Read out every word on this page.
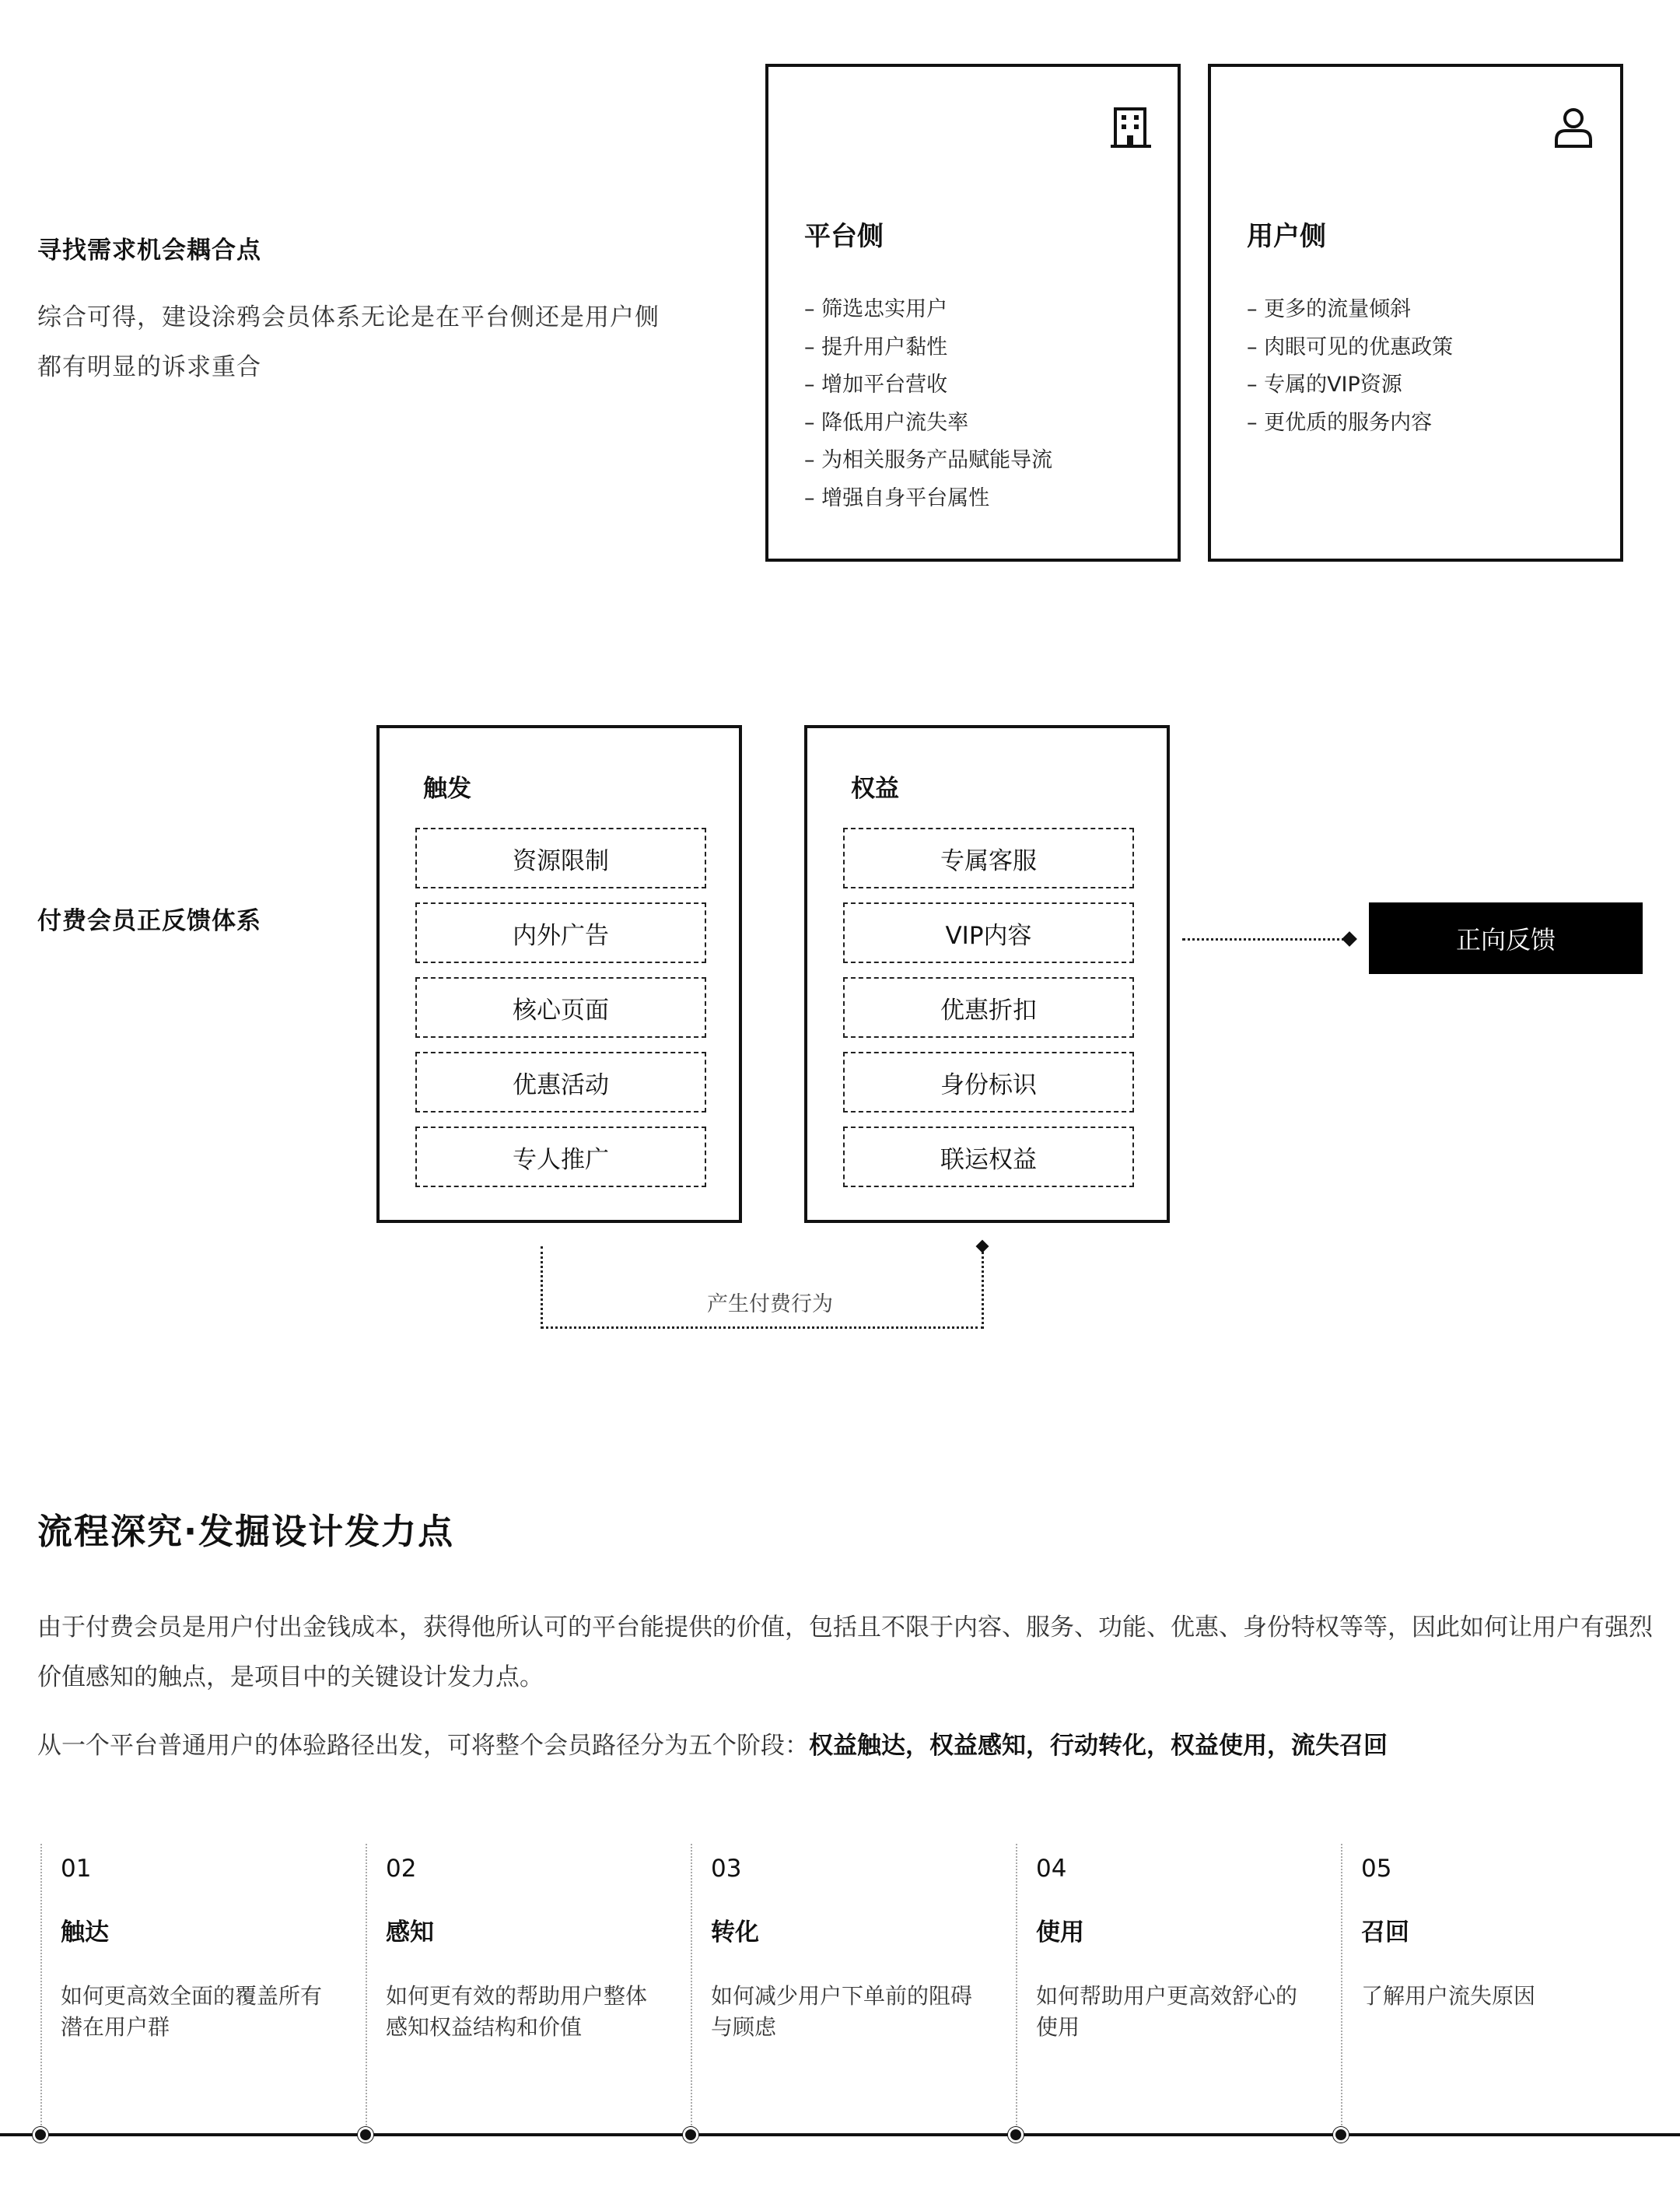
寻找需求机会耦合点
综合可得，建设涂鸦会员体系无论是在平台侧还是用户侧都有明显的诉求重合
平台侧
– 筛选忠实用户
– 提升用户黏性
– 增加平台营收
– 降低用户流失率
– 为相关服务产品赋能导流
– 增强自身平台属性
用户侧
– 更多的流量倾斜
– 肉眼可见的优惠政策
– 专属的VIP资源
– 更优质的服务内容
付费会员正反馈体系
触发
资源限制
内外广告
核心页面
优惠活动
专人推广
权益
专属客服
VIP内容
优惠折扣
身份标识
联运权益
正向反馈
产生付费行为
流程深究·发掘设计发力点
由于付费会员是用户付出金钱成本，获得他所认可的平台能提供的价值，包括且不限于内容、服务、功能、优惠、身份特权等等，因此如何让用户有强烈价值感知的触点，是项目中的关键设计发力点。
从一个平台普通用户的体验路径出发，可将整个会员路径分为五个阶段：权益触达，权益感知，行动转化，权益使用，流失召回
01
触达
如何更高效全面的覆盖所有潜在用户群
02
感知
如何更有效的帮助用户整体感知权益结构和价值
03
转化
如何减少用户下单前的阻碍与顾虑
04
使用
如何帮助用户更高效舒心的使用
05
召回
了解用户流失原因
